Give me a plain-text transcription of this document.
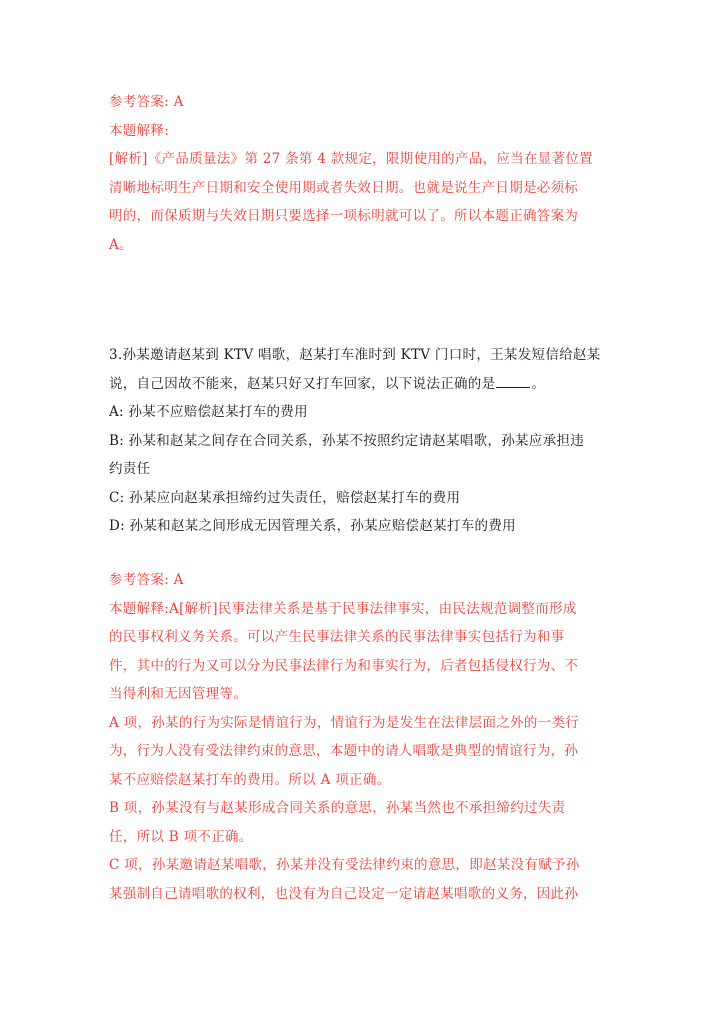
参考答案: A
本题解释:
[解析]《产品质量法》第 27 条第 4 款规定，限期使用的产品，应当在显著位置
清晰地标明生产日期和安全使用期或者失效日期。也就是说生产日期是必须标
明的，而保质期与失效日期只要选择一项标明就可以了。所以本题正确答案为
A。
3.孙某邀请赵某到 KTV 唱歌，赵某打车准时到 KTV 门口时，王某发短信给赵某
说，自己因故不能来，赵某只好又打车回家，以下说法正确的是	。
A: 孙某不应赔偿赵某打车的费用
B: 孙某和赵某之间存在合同关系，孙某不按照约定请赵某唱歌，孙某应承担违
约责任
C: 孙某应向赵某承担缔约过失责任，赔偿赵某打车的费用
D: 孙某和赵某之间形成无因管理关系，孙某应赔偿赵某打车的费用
参考答案: A
本题解释:A[解析]民事法律关系是基于民事法律事实，由民法规范调整而形成
的民事权利义务关系。可以产生民事法律关系的民事法律事实包括行为和事
件，其中的行为又可以分为民事法律行为和事实行为，后者包括侵权行为、不
当得利和无因管理等。
A 项，孙某的行为实际是情谊行为，情谊行为是发生在法律层面之外的一类行
为，行为人没有受法律约束的意思，本题中的请人唱歌是典型的情谊行为，孙
某不应赔偿赵某打车的费用。所以 A 项正确。
B 项，孙某没有与赵某形成合同关系的意思，孙某当然也不承担缔约过失责
任，所以 B 项不正确。
C 项，孙某邀请赵某唱歌，孙某并没有受法律约束的意思，即赵某没有赋予孙
某强制自己请唱歌的权利，也没有为自己设定一定请赵某唱歌的义务，因此孙
